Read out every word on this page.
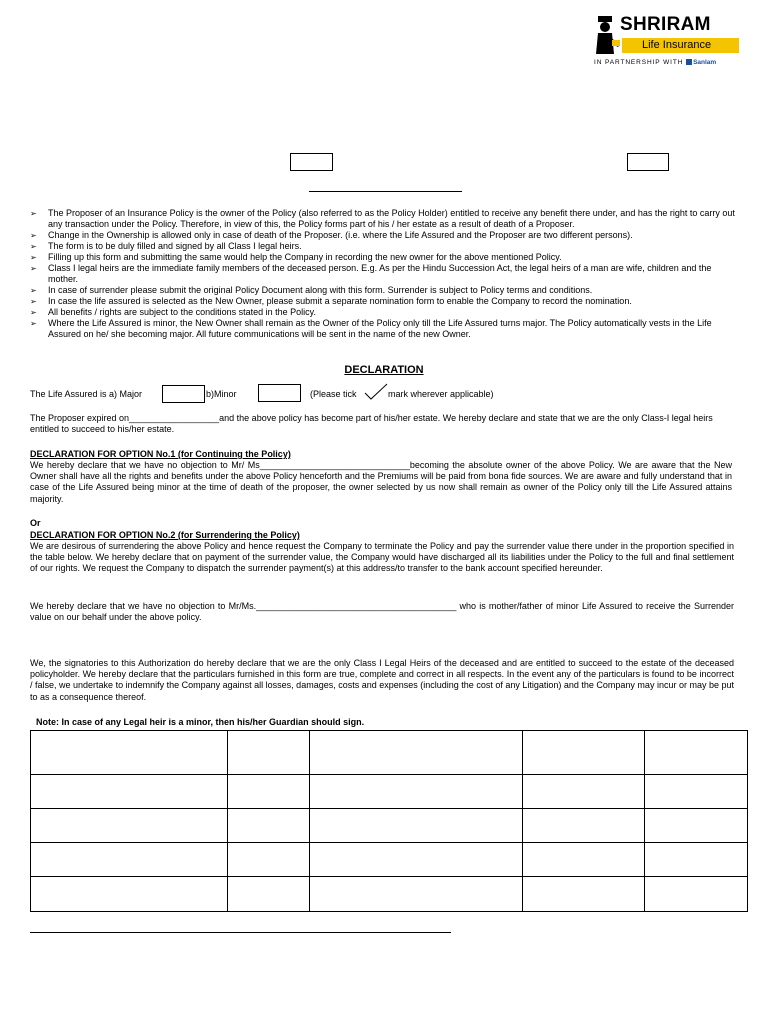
SHRIRAM
Life Insurance
IN PARTNERSHIP WITH Sanlam
➢ The Proposer of an Insurance Policy is the owner of the Policy (also referred to as the Policy Holder) entitled to receive any benefit there under, and has the right to carry out any transaction under the Policy. Therefore, in view of this, the Policy forms part of his / her estate as a result of death of a Proposer.
➢ Change in the Ownership is allowed only in case of death of the Proposer. (i.e. where the Life Assured and the Proposer are two different persons).
➢ The form is to be duly filled and signed by all Class I legal heirs.
➢ Filling up this form and submitting the same would help the Company in recording the new owner for the above mentioned Policy.
➢ Class I legal heirs are the immediate family members of the deceased person. E.g. As per the Hindu Succession Act, the legal heirs of a man are wife, children and the mother.
➢ In case of surrender please submit the original Policy Document along with this form. Surrender is subject to Policy terms and conditions.
➢ In case the life assured is selected as the New Owner, please submit a separate nomination form to enable the Company to record the nomination.
➢ All benefits / rights are subject to the conditions stated in the Policy.
➢ Where the Life Assured is minor, the New Owner shall remain as the Owner of the Policy only till the Life Assured turns major. The Policy automatically vests in the Life Assured on he/ she becoming major. All future communications will be sent in the name of the new Owner.
DECLARATION
The Life Assured is a) Major	b)Minor	(Please tick	mark wherever applicable)
The Proposer expired on__________________and the above policy has become part of his/her estate. We hereby declare and state that we are the only Class-I legal heirs entitled to succeed to his/her estate.
DECLARATION FOR OPTION No.1 (for Continuing the Policy)
We hereby declare that we have no objection to Mr/ Ms______________________________becoming the absolute owner of the above Policy. We are aware that the New Owner shall have all the rights and benefits under the above Policy henceforth and the Premiums will be paid from bona fide sources. We are aware and fully understand that in case of the Life Assured being minor at the time of death of the proposer, the owner selected by us now shall remain as owner of the Policy only till the Life Assured attains majority.
Or
DECLARATION FOR OPTION No.2 (for Surrendering the Policy)
We are desirous of surrendering the above Policy and hence request the Company to terminate the Policy and pay the surrender value there under in the proportion specified in the table below. We hereby declare that on payment of the surrender value, the Company would have discharged all its liabilities under the Policy to the full and final settlement of our rights. We request the Company to dispatch the surrender payment(s) at this address/to transfer to the bank account specified hereunder.
We hereby declare that we have no objection to Mr/Ms.________________________________________ who is mother/father of minor Life Assured to receive the Surrender value on our behalf under the above policy.
We, the signatories to this Authorization do hereby declare that we are the only Class I Legal Heirs of the deceased and are entitled to succeed to the estate of the deceased policyholder. We hereby declare that the particulars furnished in this form are true, complete and correct in all respects. In the event any of the particulars is found to be incorrect / false, we undertake to indemnify the Company against all losses, damages, costs and expenses (including the cost of any Litigation) and the Company may incur or may be put to as a consequence thereof.
Note: In case of any Legal heir is a minor, then his/her Guardian should sign.
